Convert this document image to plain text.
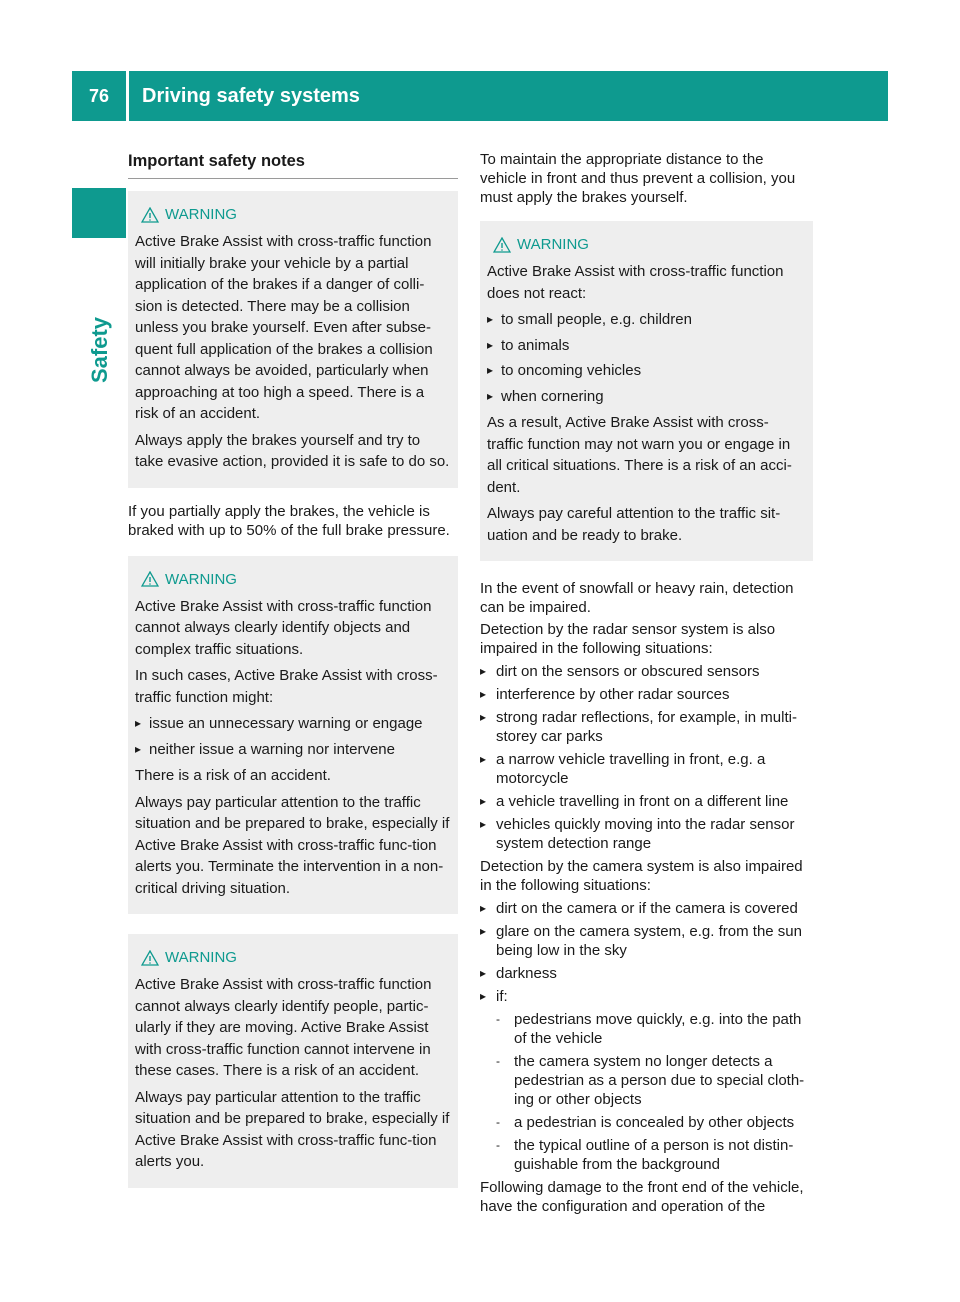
76	Driving safety systems
Safety
Important safety notes
WARNING

Active Brake Assist with cross-traffic function will initially brake your vehicle by a partial application of the brakes if a danger of colli-sion is detected. There may be a collision unless you brake yourself. Even after subse-quent full application of the brakes a collision cannot always be avoided, particularly when approaching at too high a speed. There is a risk of an accident.

Always apply the brakes yourself and try to take evasive action, provided it is safe to do so.

If you partially apply the brakes, the vehicle is braked with up to 50% of the full brake pressure.

WARNING

Active Brake Assist with cross-traffic function cannot always clearly identify objects and complex traffic situations.

In such cases, Active Brake Assist with cross-traffic function might:

▸ issue an unnecessary warning or engage
▸ neither issue a warning nor intervene

There is a risk of an accident.

Always pay particular attention to the traffic situation and be prepared to brake, especially if Active Brake Assist with cross-traffic func-tion alerts you. Terminate the intervention in a non-critical driving situation.

WARNING

Active Brake Assist with cross-traffic function cannot always clearly identify people, partic-ularly if they are moving. Active Brake Assist with cross-traffic function cannot intervene in these cases. There is a risk of an accident.

Always pay particular attention to the traffic situation and be prepared to brake, especially if Active Brake Assist with cross-traffic func-tion alerts you.

To maintain the appropriate distance to the vehicle in front and thus prevent a collision, you must apply the brakes yourself.

WARNING

Active Brake Assist with cross-traffic function does not react:

▸ to small people, e.g. children
▸ to animals
▸ to oncoming vehicles
▸ when cornering

As a result, Active Brake Assist with cross-traffic function may not warn you or engage in all critical situations. There is a risk of an acci-dent.

Always pay careful attention to the traffic sit-uation and be ready to brake.

In the event of snowfall or heavy rain, detection can be impaired.

Detection by the radar sensor system is also impaired in the following situations:

▸ dirt on the sensors or obscured sensors
▸ interference by other radar sources
▸ strong radar reflections, for example, in multi-storey car parks
▸ a narrow vehicle travelling in front, e.g. a motorcycle
▸ a vehicle travelling in front on a different line
▸ vehicles quickly moving into the radar sensor system detection range

Detection by the camera system is also impaired in the following situations:

▸ dirt on the camera or if the camera is covered
▸ glare on the camera system, e.g. from the sun being low in the sky
▸ darkness
▸ if:
- pedestrians move quickly, e.g. into the path of the vehicle
- the camera system no longer detects a pedestrian as a person due to special cloth-ing or other objects
- a pedestrian is concealed by other objects
- the typical outline of a person is not distin-guishable from the background

Following damage to the front end of the vehicle, have the configuration and operation of the
